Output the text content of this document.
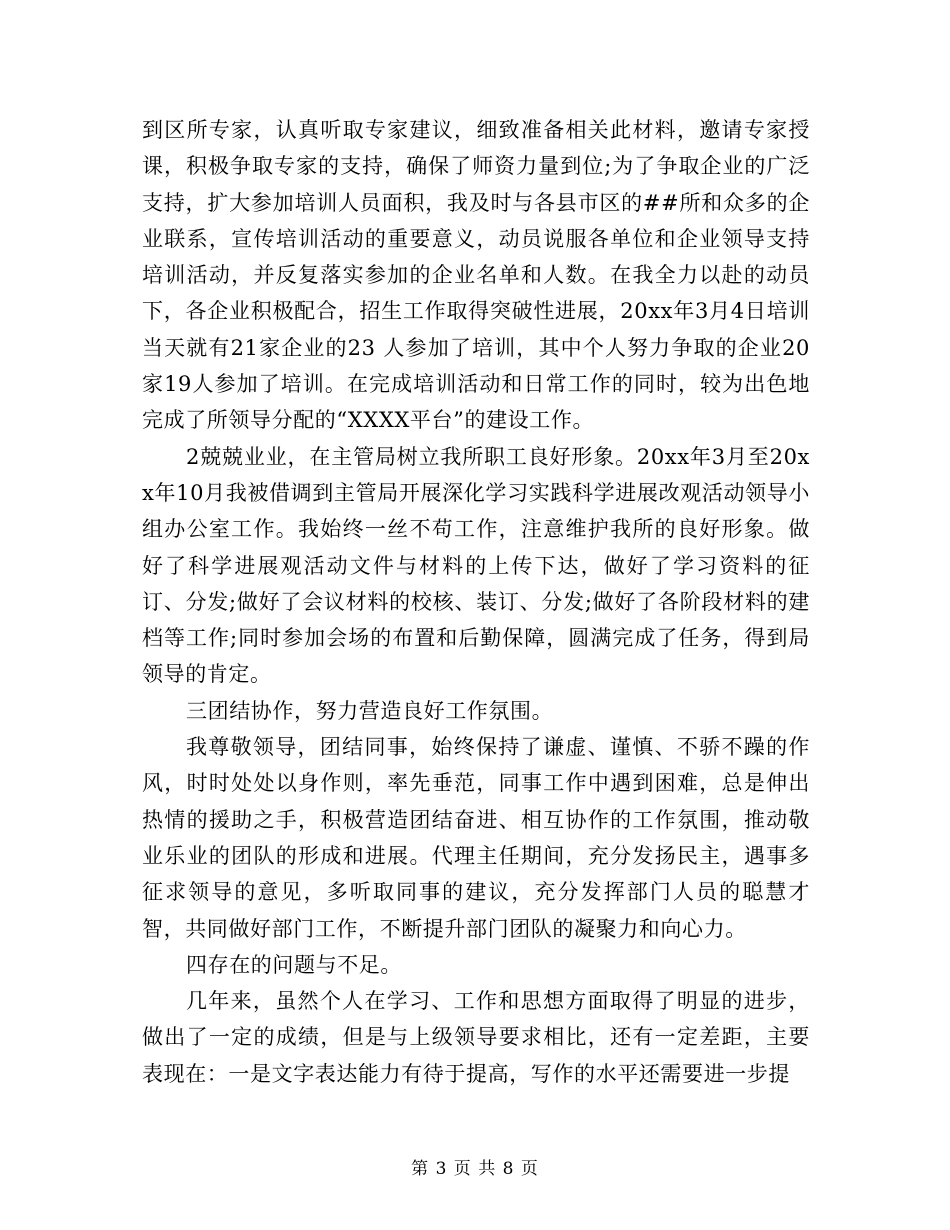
到区所专家，认真听取专家建议，细致准备相关此材料，邀请专家授课，积极争取专家的支持，确保了师资力量到位;为了争取企业的广泛支持，扩大参加培训人员面积，我及时与各县市区的##所和众多的企业联系，宣传培训活动的重要意义，动员说服各单位和企业领导支持培训活动，并反复落实参加的企业名单和人数。在我全力以赴的动员下，各企业积极配合，招生工作取得突破性进展，20xx年3月4日培训当天就有21家企业的23 人参加了培训，其中个人努力争取的企业20家19人参加了培训。在完成培训活动和日常工作的同时，较为出色地完成了所领导分配的“XXXX平台”的建设工作。

2兢兢业业，在主管局树立我所职工良好形象。20xx年3月至20xx年10月我被借调到主管局开展深化学习实践科学进展改观活动领导小组办公室工作。我始终一丝不苟工作，注意维护我所的良好形象。做好了科学进展观活动文件与材料的上传下达，做好了学习资料的征订、分发;做好了会议材料的校核、装订、分发;做好了各阶段材料的建档等工作;同时参加会场的布置和后勤保障，圆满完成了任务，得到局领导的肯定。

三团结协作，努力营造良好工作氛围。

我尊敬领导，团结同事，始终保持了谦虚、谨慎、不骄不躁的作风，时时处处以身作则，率先垂范，同事工作中遇到困难，总是伸出热情的援助之手，积极营造团结奋进、相互协作的工作氛围，推动敬业乐业的团队的形成和进展。代理主任期间，充分发扬民主，遇事多征求领导的意见，多听取同事的建议，充分发挥部门人员的聪慧才智，共同做好部门工作，不断提升部门团队的凝聚力和向心力。

四存在的问题与不足。

几年来，虽然个人在学习、工作和思想方面取得了明显的进步，做出了一定的成绩，但是与上级领导要求相比，还有一定差距，主要表现在：一是文字表达能力有待于提高，写作的水平还需要进一步提

第 3 页 共 8 页
